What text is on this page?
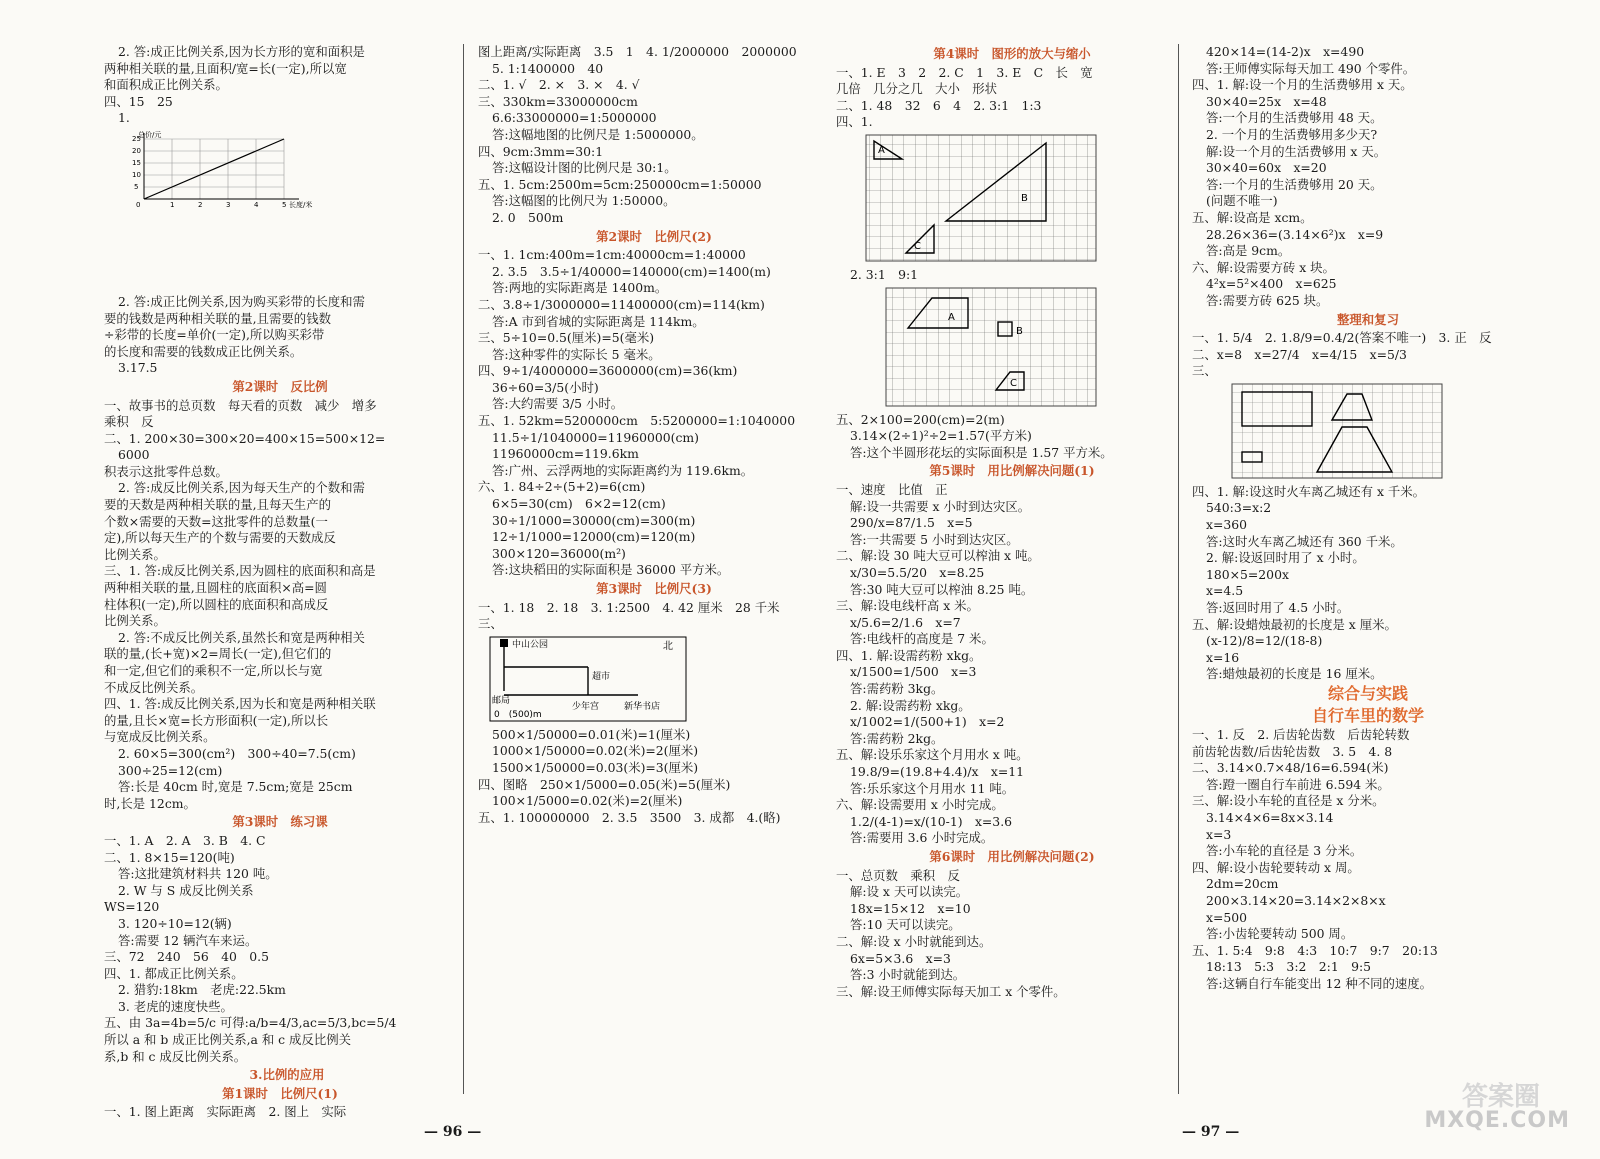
2. 答:成正比例关系,因为长方形的宽和面积是
两种相关联的量,且面积/宽=长(一定),所以宽
和面积成正比例关系。
四、15　25
1.
总价/元
长度/米
0
5
10
15
20
25
1	2	3	4	5
2. 答:成正比例关系,因为购买彩带的长度和需
要的钱数是两种相关联的量,且需要的钱数
÷彩带的长度=单价(一定),所以购买彩带
的长度和需要的钱数成正比例关系。
3.17.5
第2课时　反比例
一、故事书的总页数　每天看的页数　减少　增多
乘积　反
二、1. 200×30=300×20=400×15=500×12=
6000
积表示这批零件总数。
2. 答:成反比例关系,因为每天生产的个数和需
要的天数是两种相关联的量,且每天生产的
个数×需要的天数=这批零件的总数量(一
定),所以每天生产的个数与需要的天数成反
比例关系。
三、1. 答:成反比例关系,因为圆柱的底面积和高是
两种相关联的量,且圆柱的底面积×高=圆
柱体积(一定),所以圆柱的底面积和高成反
比例关系。
2. 答:不成反比例关系,虽然长和宽是两种相关
联的量,(长+宽)×2=周长(一定),但它们的
和一定,但它们的乘积不一定,所以长与宽
不成反比例关系。
四、1. 答:成反比例关系,因为长和宽是两种相关联
的量,且长×宽=长方形面积(一定),所以长
与宽成反比例关系。
2. 60×5=300(cm²)　300÷40=7.5(cm)
300÷25=12(cm)
答:长是 40cm 时,宽是 7.5cm;宽是 25cm
时,长是 12cm。
第3课时　练习课
一、1. A　2. A　3. B　4. C
二、1. 8×15=120(吨)
答:这批建筑材料共 120 吨。
2. W 与 S 成反比例关系
WS=120
3. 120÷10=12(辆)
答:需要 12 辆汽车来运。
三、72　240　56　40　0.5
四、1. 都成正比例关系。
2. 猎豹:18km　老虎:22.5km
3. 老虎的速度快些。
五、由 3a=4b=5/c 可得:a/b=4/3,ac=5/3,bc=5/4
所以 a 和 b 成正比例关系,a 和 c 成反比例关
系,b 和 c 成反比例关系。
3.比例的应用
第1课时　比例尺(1)
一、1. 图上距离　实际距离　2. 图上　实际
图上距离/实际距离　3.5　1　4. 1/2000000　2000000
5. 1:1400000　40
二、1. √　2. ×　3. ×　4. √
三、330km=33000000cm
6.6:33000000=1:5000000
答:这幅地图的比例尺是 1:5000000。
四、9cm:3mm=30:1
答:这幅设计图的比例尺是 30:1。
五、1. 5cm:2500m=5cm:250000cm=1:50000
答:这幅图的比例尺为 1:50000。
2. 0　500m
第2课时　比例尺(2)
一、1. 1cm:400m=1cm:40000cm=1:40000
2. 3.5　3.5÷1/40000=140000(cm)=1400(m)
答:两地的实际距离是 1400m。
二、3.8÷1/3000000=11400000(cm)=114(km)
答:A 市到省城的实际距离是 114km。
三、5÷10=0.5(厘米)=5(毫米)
答:这种零件的实际长 5 毫米。
四、9÷1/4000000=3600000(cm)=36(km)
36÷60=3/5(小时)
答:大约需要 3/5 小时。
五、1. 52km=5200000cm　5:5200000=1:1040000
11.5÷1/1040000=11960000(cm)
11960000cm=119.6km
答:广州、云浮两地的实际距离约为 119.6km。
六、1. 84÷2÷(5+2)=6(cm)
6×5=30(cm)　6×2=12(cm)
30÷1/1000=30000(cm)=300(m)
12÷1/1000=12000(cm)=120(m)
300×120=36000(m²)
答:这块稻田的实际面积是 36000 平方米。
第3课时　比例尺(3)
一、1. 18　2. 18　3. 1:2500　4. 42 厘米　28 千米
三、
中山公园	北
超市
邮局
少年宫	新华书店
0　(500)m
500×1/50000=0.01(米)=1(厘米)
1000×1/50000=0.02(米)=2(厘米)
1500×1/50000=0.03(米)=3(厘米)
四、图略　250×1/5000=0.05(米)=5(厘米)
100×1/5000=0.02(米)=2(厘米)
五、1. 100000000　2. 3.5　3500　3. 成都　4.(略)
第4课时　图形的放大与缩小
一、1. E　3　2　2. C　1　3. E　C　长　宽
几倍　几分之几　大小　形状
二、1. 48　32　6　4　2. 3:1　1:3
四、1.
A
B
C
2. 3:1　9:1
A
B
C
五、2×100=200(cm)=2(m)
3.14×(2÷1)²÷2=1.57(平方米)
答:这个半圆形花坛的实际面积是 1.57 平方米。
第5课时　用比例解决问题(1)
一、速度　比值　正
解:设一共需要 x 小时到达灾区。
290/x=87/1.5　x=5
答:一共需要 5 小时到达灾区。
二、解:设 30 吨大豆可以榨油 x 吨。
x/30=5.5/20　x=8.25
答:30 吨大豆可以榨油 8.25 吨。
三、解:设电线杆高 x 米。
x/5.6=2/1.6　x=7
答:电线杆的高度是 7 米。
四、1. 解:设需药粉 xkg。
x/1500=1/500　x=3
答:需药粉 3kg。
2. 解:设需药粉 xkg。
x/1002=1/(500+1)　x=2
答:需药粉 2kg。
五、解:设乐乐家这个月用水 x 吨。
19.8/9=(19.8+4.4)/x　x=11
答:乐乐家这个月用水 11 吨。
六、解:设需要用 x 小时完成。
1.2/(4-1)=x/(10-1)　x=3.6
答:需要用 3.6 小时完成。
第6课时　用比例解决问题(2)
一、总页数　乘积　反
解:设 x 天可以读完。
18x=15×12　x=10
答:10 天可以读完。
二、解:设 x 小时就能到达。
6x=5×3.6　x=3
答:3 小时就能到达。
三、解:设王师傅实际每天加工 x 个零件。
420×14=(14-2)x　x=490
答:王师傅实际每天加工 490 个零件。
四、1. 解:设一个月的生活费够用 x 天。
30×40=25x　x=48
答:一个月的生活费够用 48 天。
2. 一个月的生活费够用多少天?
解:设一个月的生活费够用 x 天。
30×40=60x　x=20
答:一个月的生活费够用 20 天。
(问题不唯一)
五、解:设高是 xcm。
28.26×36=(3.14×6²)x　x=9
答:高是 9cm。
六、解:设需要方砖 x 块。
4²x=5²×400　x=625
答:需要方砖 625 块。
整理和复习
一、1. 5/4　2. 1.8/9=0.4/2(答案不唯一)　3. 正　反
二、x=8　x=27/4　x=4/15　x=5/3
三、
四、1. 解:设这时火车离乙城还有 x 千米。
540:3=x:2
x=360
答:这时火车离乙城还有 360 千米。
2. 解:设返回时用了 x 小时。
180×5=200x
x=4.5
答:返回时用了 4.5 小时。
五、解:设蜡烛最初的长度是 x 厘米。
(x-12)/8=12/(18-8)
x=16
答:蜡烛最初的长度是 16 厘米。
综合与实践
自行车里的数学
一、1. 反　2. 后齿轮齿数　后齿轮转数
前齿轮齿数/后齿轮齿数　3. 5　4. 8
二、3.14×0.7×48/16=6.594(米)
答:蹬一圈自行车前进 6.594 米。
三、解:设小车轮的直径是 x 分米。
3.14×4×6=8x×3.14
x=3
答:小车轮的直径是 3 分米。
四、解:设小齿轮要转动 x 周。
2dm=20cm
200×3.14×20=3.14×2×8×x
x=500
答:小齿轮要转动 500 周。
五、1. 5:4　9:8　4:3　10:7　9:7　20:13
18:13　5:3　3:2　2:1　9:5
答:这辆自行车能变出 12 种不同的速度。
— 96 —	— 97 —
答案圈
MXQE.COM
